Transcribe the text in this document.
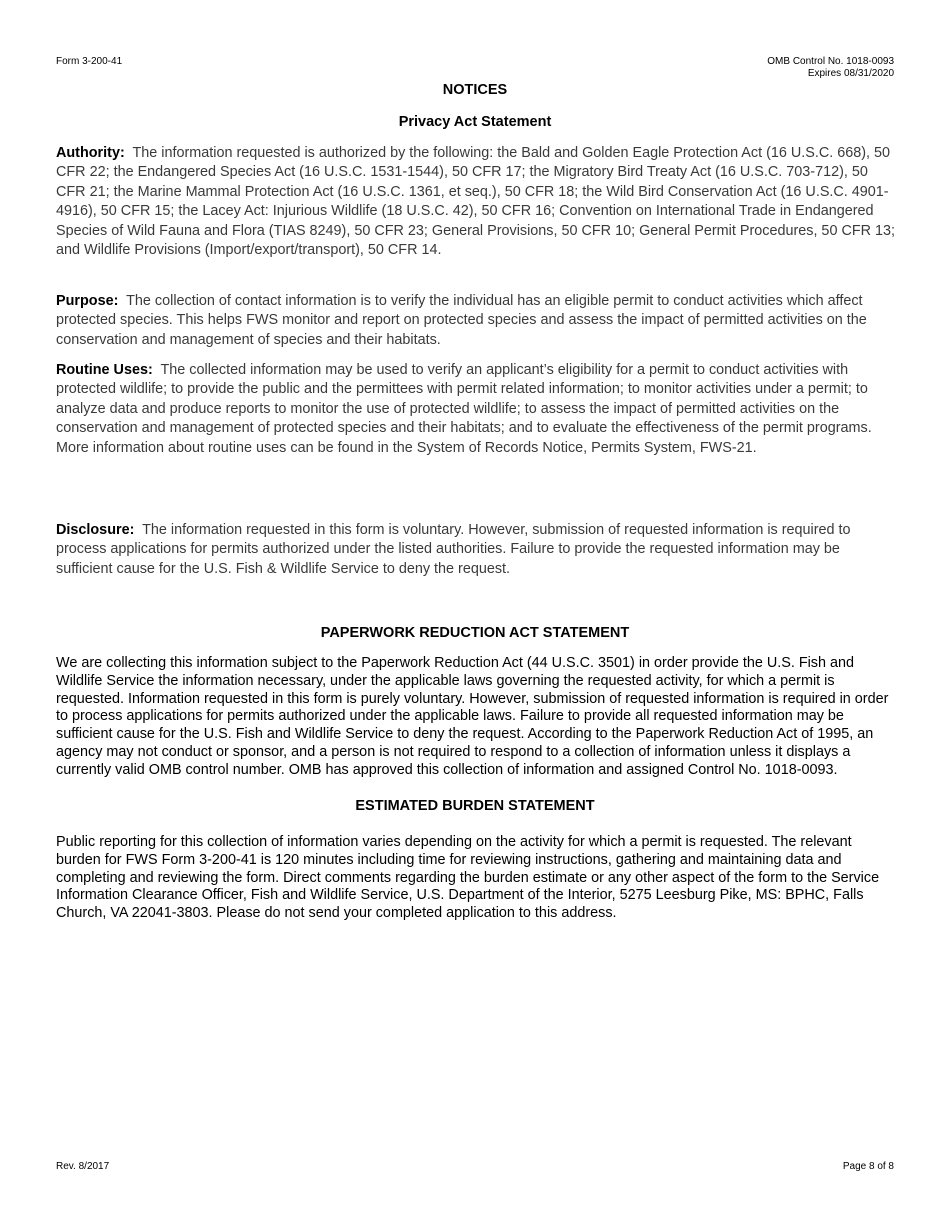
Form 3-200-41	OMB Control No. 1018-0093
Expires 08/31/2020
NOTICES
Privacy Act Statement
Authority: The information requested is authorized by the following: the Bald and Golden Eagle Protection Act (16 U.S.C. 668), 50 CFR 22; the Endangered Species Act (16 U.S.C. 1531-1544), 50 CFR 17; the Migratory Bird Treaty Act (16 U.S.C. 703-712), 50 CFR 21; the Marine Mammal Protection Act (16 U.S.C. 1361, et seq.), 50 CFR 18; the Wild Bird Conservation Act (16 U.S.C. 4901-4916), 50 CFR 15; the Lacey Act: Injurious Wildlife (18 U.S.C. 42), 50 CFR 16; Convention on International Trade in Endangered Species of Wild Fauna and Flora (TIAS 8249), 50 CFR 23; General Provisions, 50 CFR 10; General Permit Procedures, 50 CFR 13; and Wildlife Provisions (Import/export/transport), 50 CFR 14.
Purpose: The collection of contact information is to verify the individual has an eligible permit to conduct activities which affect protected species. This helps FWS monitor and report on protected species and assess the impact of permitted activities on the conservation and management of species and their habitats.
Routine Uses: The collected information may be used to verify an applicant’s eligibility for a permit to conduct activities with protected wildlife; to provide the public and the permittees with permit related information; to monitor activities under a permit; to analyze data and produce reports to monitor the use of protected wildlife; to assess the impact of permitted activities on the conservation and management of protected species and their habitats; and to evaluate the effectiveness of the permit programs. More information about routine uses can be found in the System of Records Notice, Permits System, FWS-21.
Disclosure: The information requested in this form is voluntary. However, submission of requested information is required to process applications for permits authorized under the listed authorities. Failure to provide the requested information may be sufficient cause for the U.S. Fish & Wildlife Service to deny the request.
PAPERWORK REDUCTION ACT STATEMENT
We are collecting this information subject to the Paperwork Reduction Act (44 U.S.C. 3501) in order provide the U.S. Fish and Wildlife Service the information necessary, under the applicable laws governing the requested activity, for which a permit is requested. Information requested in this form is purely voluntary. However, submission of requested information is required in order to process applications for permits authorized under the applicable laws. Failure to provide all requested information may be sufficient cause for the U.S. Fish and Wildlife Service to deny the request. According to the Paperwork Reduction Act of 1995, an agency may not conduct or sponsor, and a person is not required to respond to a collection of information unless it displays a currently valid OMB control number. OMB has approved this collection of information and assigned Control No. 1018-0093.
ESTIMATED BURDEN STATEMENT
Public reporting for this collection of information varies depending on the activity for which a permit is requested. The relevant burden for FWS Form 3-200-41 is 120 minutes including time for reviewing instructions, gathering and maintaining data and completing and reviewing the form. Direct comments regarding the burden estimate or any other aspect of the form to the Service Information Clearance Officer, Fish and Wildlife Service, U.S. Department of the Interior, 5275 Leesburg Pike, MS: BPHC, Falls Church, VA 22041-3803. Please do not send your completed application to this address.
Rev. 8/2017	Page 8 of 8
